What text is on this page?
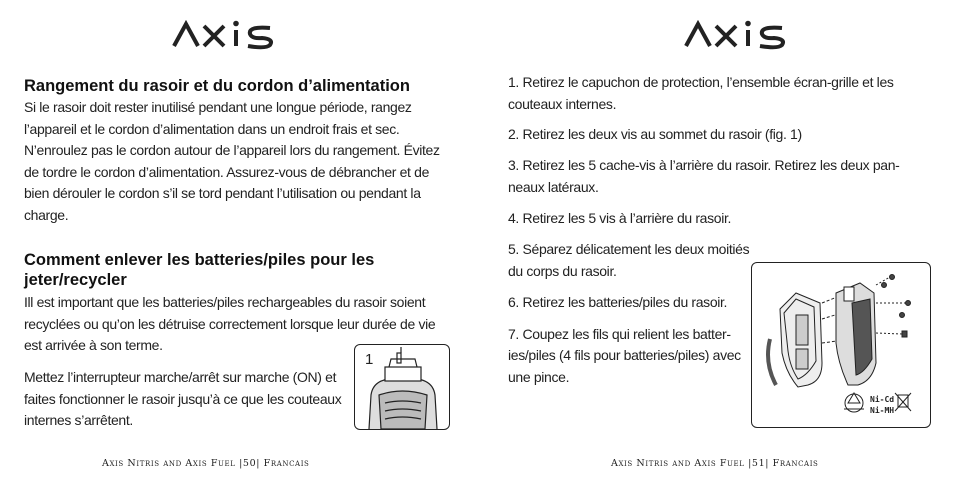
Rangement du rasoir et du cordon d’alimentation

Si le rasoir doit rester inutilisé pendant une longue période, rangez

l’appareil et le cordon d’alimentation dans un endroit frais et sec.

N’enroulez pas le cordon autour de l’appareil lors du rangement. Évitez

de tordre le cordon d’alimentation. Assurez-vous de débrancher et de

bien dérouler le cordon s’il se tord pendant l’utilisation ou pendant la

charge.

Comment enlever les batteries/piles pour les
jeter/recycler

Ill est important que les batteries/piles rechargeables du rasoir soient

recyclées ou qu’on les détruise correctement lorsque leur durée de vie

est arrivée à son terme.

Mettez l’interrupteur marche/arrêt sur marche (ON) et

faites fonctionner le rasoir jusqu’à ce que les couteaux

internes s’arrêtent.

1
Axis Nitris and Axis Fuel |50| Francais

1. Retirez le capuchon de protection, l’ensemble écran-grille et les

couteaux internes.

2. Retirez les deux vis au sommet du rasoir (fig. 1)

3. Retirez les 5 cache-vis à l’arrière du rasoir. Retirez les deux pan-

neaux latéraux.

4. Retirez les 5 vis à l’arrière du rasoir.

5. Séparez délicatement les deux moitiés

du corps du rasoir.

6. Retirez les batteries/piles du rasoir.

7. Coupez les fils qui relient les batter-

ies/piles (4 fils pour batteries/piles) avec

une pince.

Ni-Cd
Ni-MH
Axis Nitris and Axis Fuel |51| Francais
